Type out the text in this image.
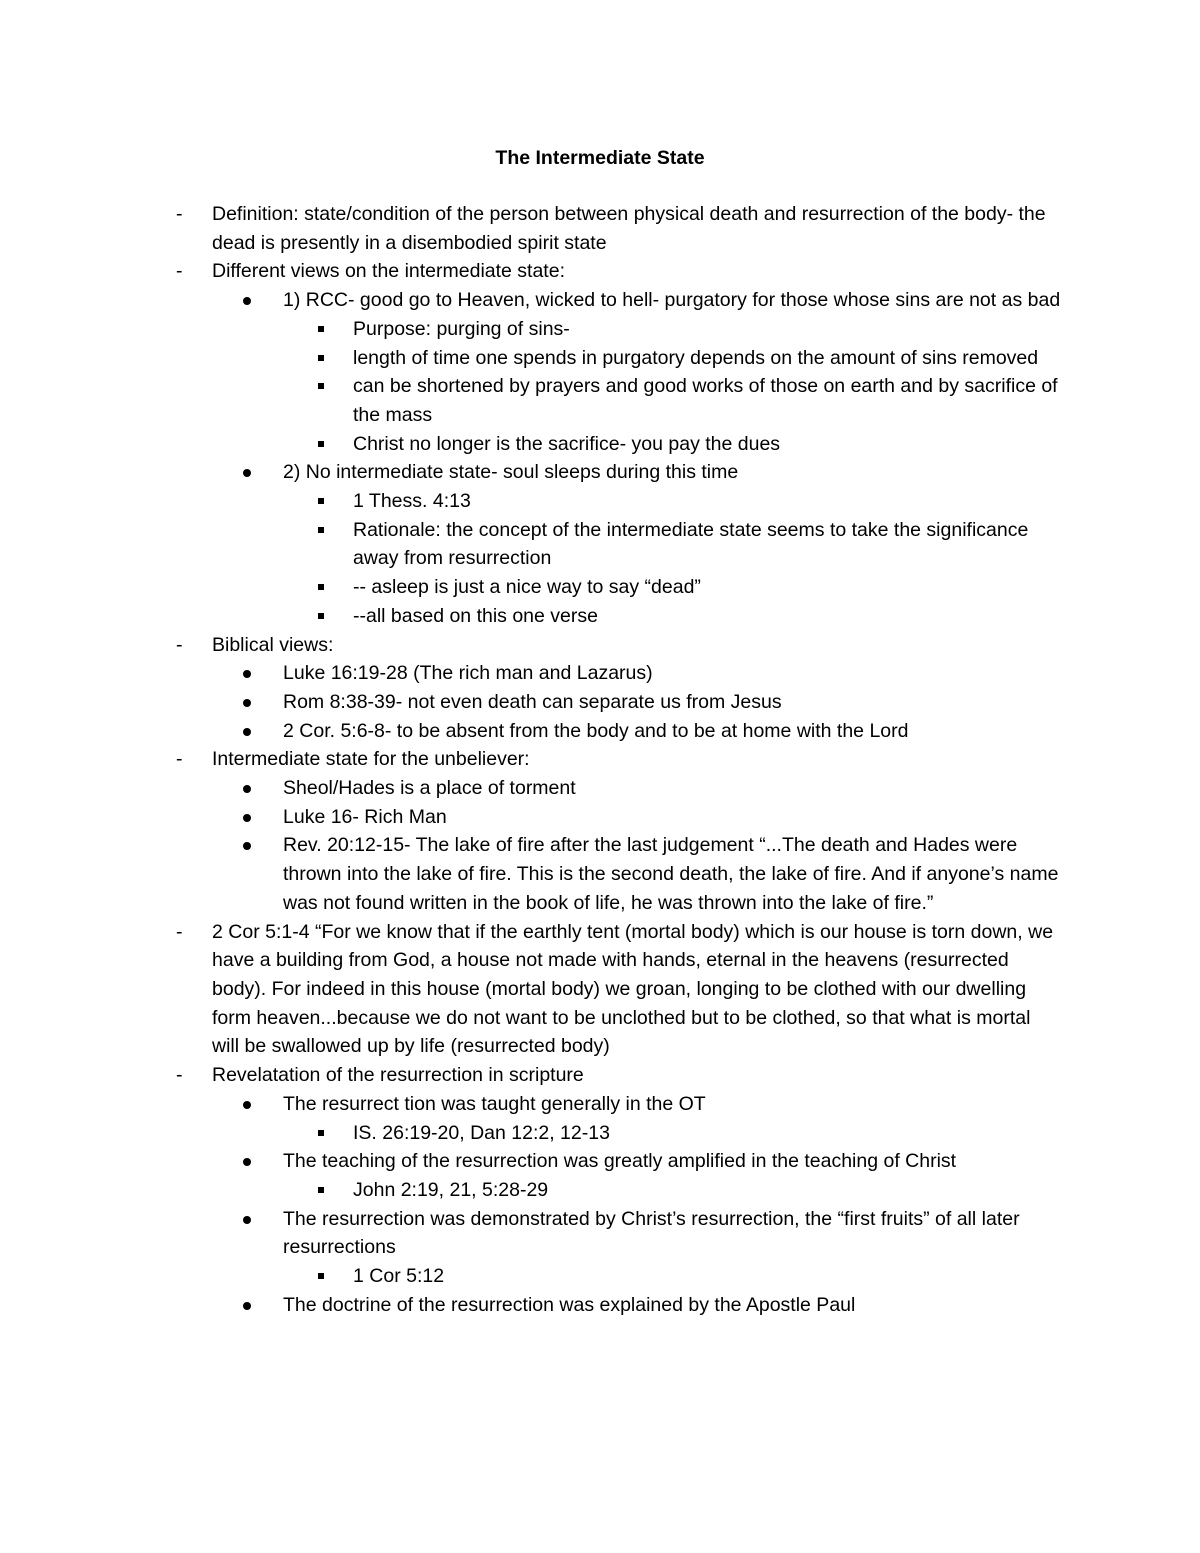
The Intermediate State
- Definition: state/condition of the person between physical death and resurrection of the body- the dead is presently in a disembodied spirit state
- Different views on the intermediate state:
1) RCC- good go to Heaven, wicked to hell- purgatory for those whose sins are not as bad
Purpose: purging of sins-
length of time one spends in purgatory depends on the amount of sins removed
can be shortened by prayers and good works of those on earth and by sacrifice of the mass
Christ no longer is the sacrifice- you pay the dues
2) No intermediate state- soul sleeps during this time
1 Thess. 4:13
Rationale: the concept of the intermediate state seems to take the significance away from resurrection
-- asleep is just a nice way to say “dead”
--all based on this one verse
- Biblical views:
Luke 16:19-28 (The rich man and Lazarus)
Rom 8:38-39- not even death can separate us from Jesus
2 Cor. 5:6-8- to be absent from the body and to be at home with the Lord
- Intermediate state for the unbeliever:
Sheol/Hades is a place of torment
Luke 16- Rich Man
Rev. 20:12-15- The lake of fire after the last judgement “...The death and Hades were thrown into the lake of fire. This is the second death, the lake of fire. And if anyone’s name was not found written in the book of life, he was thrown into the lake of fire.”
- 2 Cor 5:1-4 “For we know that if the earthly tent (mortal body) which is our house is torn down, we have a building from God, a house not made with hands, eternal in the heavens (resurrected body). For indeed in this house (mortal body) we groan, longing to be clothed with our dwelling form heaven...because we do not want to be unclothed but to be clothed, so that what is mortal will be swallowed up by life (resurrected body)
- Revelatation of the resurrection in scripture
The resurrect tion was taught generally in the OT
IS. 26:19-20, Dan 12:2, 12-13
The teaching of the resurrection was greatly amplified in the teaching of Christ
John 2:19, 21, 5:28-29
The resurrection was demonstrated by Christ’s resurrection, the “first fruits” of all later resurrections
1 Cor 5:12
The doctrine of the resurrection was explained by the Apostle Paul
